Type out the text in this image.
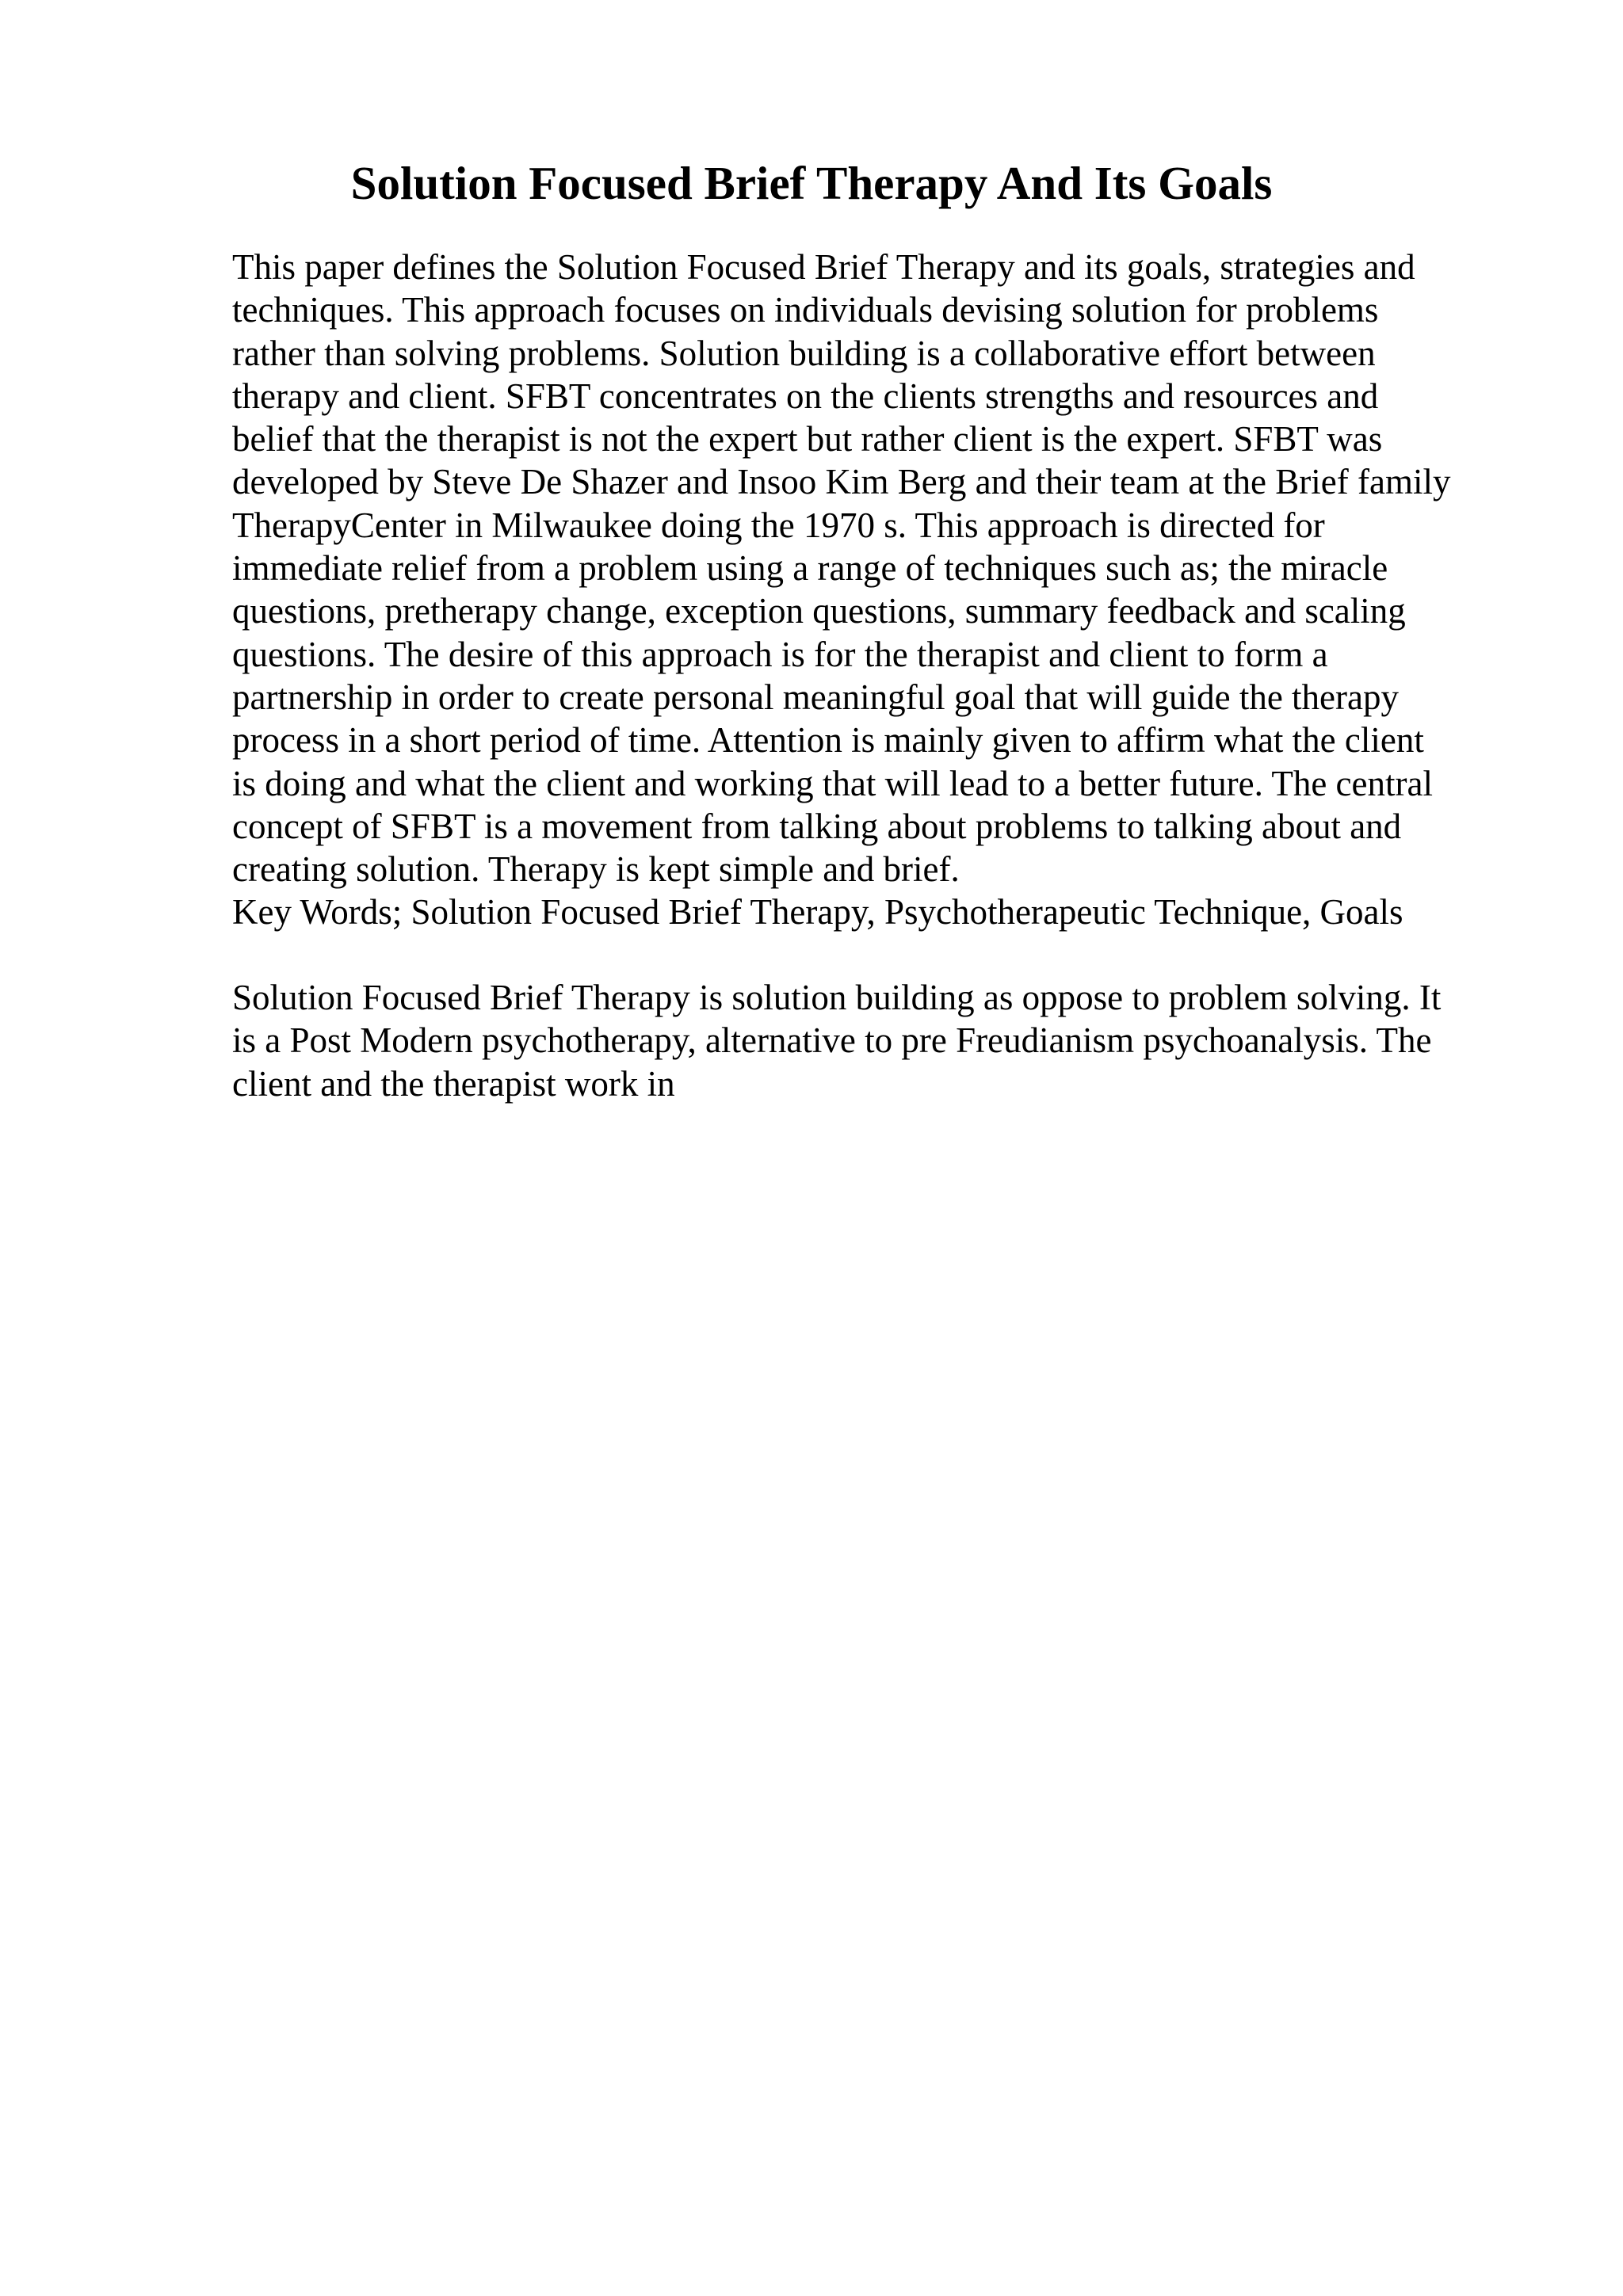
Solution Focused Brief Therapy And Its Goals
This paper defines the Solution Focused Brief Therapy and its goals, strategies and
techniques. This approach focuses on individuals devising solution for problems
rather than solving problems. Solution building is a collaborative effort between
therapy and client. SFBT concentrates on the clients strengths and resources and
belief that the therapist is not the expert but rather client is the expert. SFBT was
developed by Steve De Shazer and Insoo Kim Berg and their team at the Brief family
TherapyCenter in Milwaukee doing the 1970 s. This approach is directed for
immediate relief from a problem using a range of techniques such as; the miracle
questions, pretherapy change, exception questions, summary feedback and scaling
questions. The desire of this approach is for the therapist and client to form a
partnership in order to create personal meaningful goal that will guide the therapy
process in a short period of time. Attention is mainly given to affirm what the client
is doing and what the client and working that will lead to a better future. The central
concept of SFBT is a movement from talking about problems to talking about and
creating solution. Therapy is kept simple and brief.
Key Words; Solution Focused Brief Therapy, Psychotherapeutic Technique, Goals
Solution Focused Brief Therapy is solution building as oppose to problem solving. It
is a Post Modern psychotherapy, alternative to pre Freudianism psychoanalysis. The
client and the therapist work in
